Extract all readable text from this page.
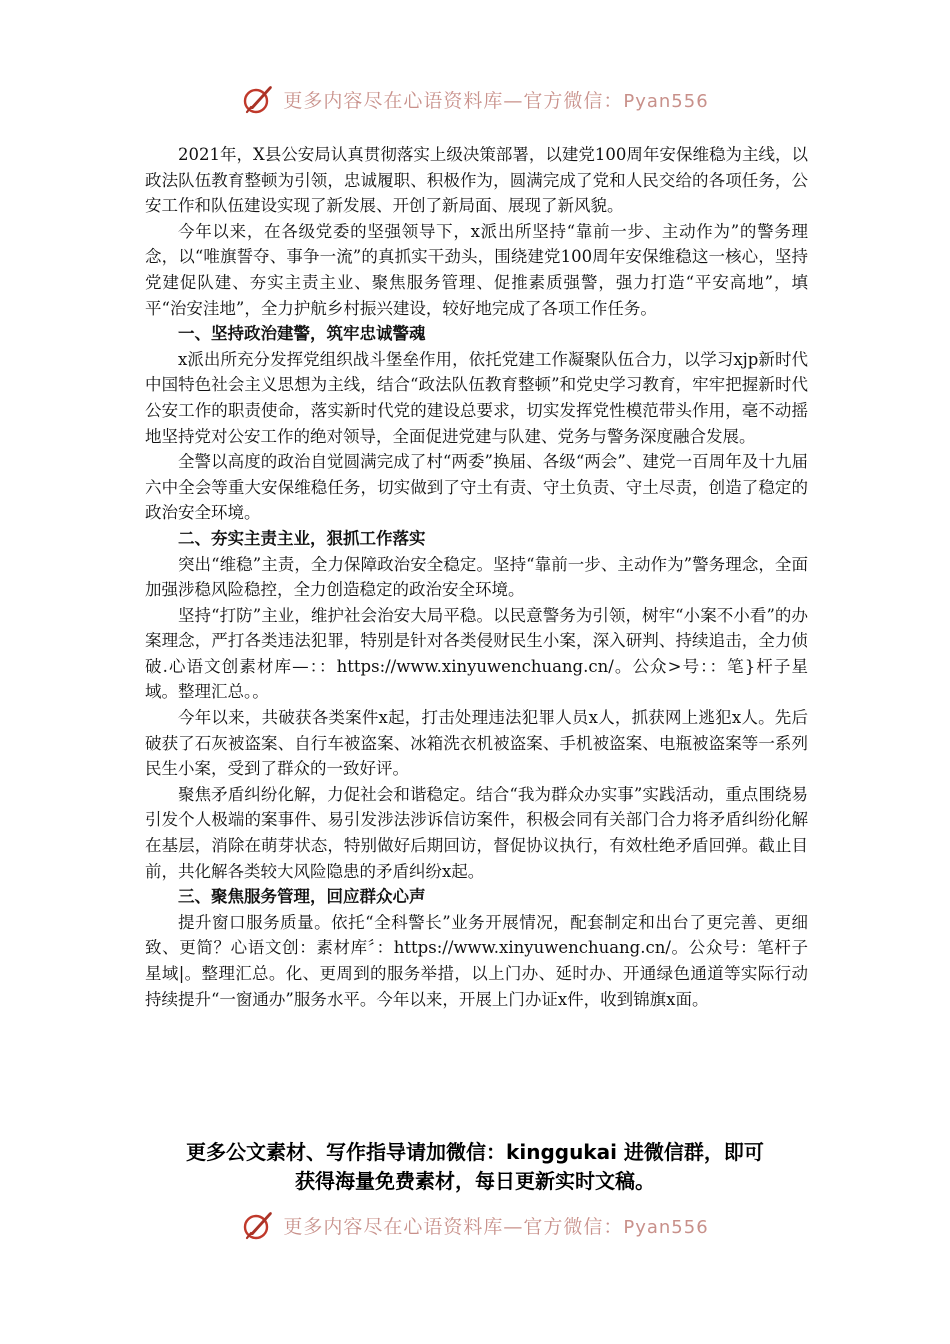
更多内容尽在心语资料库—官方微信：Pyan556

2021年，X县公安局认真贯彻落实上级决策部署，以建党100周年安保维稳为主线，以政法队伍教育整顿为引领，忠诚履职、积极作为，圆满完成了党和人民交给的各项任务，公安工作和队伍建设实现了新发展、开创了新局面、展现了新风貌。

今年以来，在各级党委的坚强领导下，x派出所坚持“靠前一步、主动作为”的警务理念，以“唯旗誓夺、事争一流”的真抓实干劲头，围绕建党100周年安保维稳这一核心，坚持党建促队建、夯实主责主业、聚焦服务管理、促推素质强警，强力打造“平安高地”，填平“治安洼地”，全力护航乡村振兴建设，较好地完成了各项工作任务。

一、坚持政治建警，筑牢忠诚警魂

x派出所充分发挥党组织战斗堡垒作用，依托党建工作凝聚队伍合力，以学习xjp新时代中国特色社会主义思想为主线，结合“政法队伍教育整顿”和党史学习教育，牢牢把握新时代公安工作的职责使命，落实新时代党的建设总要求，切实发挥党性模范带头作用，毫不动摇地坚持党对公安工作的绝对领导，全面促进党建与队建、党务与警务深度融合发展。

全警以高度的政治自觉圆满完成了村“两委”换届、各级“两会”、建党一百周年及十九届六中全会等重大安保维稳任务，切实做到了守土有责、守土负责、守土尽责，创造了稳定的政治安全环境。

二、夯实主责主业，狠抓工作落实

突出“维稳”主责，全力保障政治安全稳定。坚持“靠前一步、主动作为”警务理念，全面加强涉稳风险稳控，全力创造稳定的政治安全环境。

坚持“打防”主业，维护社会治安大局平稳。以民意警务为引领，树牢“小案不小看”的办案理念，严打各类违法犯罪，特别是针对各类侵财民生小案，深入研判、持续追击，全力侦破.心语文创素材库—：：https://www.xinyuwenchuang.cn/。公众>号：：笔}杆子星域。整理汇总。。

今年以来，共破获各类案件x起，打击处理违法犯罪人员x人，抓获网上逃犯x人。先后破获了石灰被盗案、自行车被盗案、冰箱洗衣机被盗案、手机被盗案、电瓶被盗案等一系列民生小案，受到了群众的一致好评。

聚焦矛盾纠纷化解，力促社会和谐稳定。结合“我为群众办实事”实践活动，重点围绕易引发个人极端的案事件、易引发涉法涉诉信访案件，积极会同有关部门合力将矛盾纠纷化解在基层，消除在萌芽状态，特别做好后期回访，督促协议执行，有效杜绝矛盾回弹。截止目前，共化解各类较大风险隐患的矛盾纠纷x起。

三、聚焦服务管理，回应群众心声

提升窗口服务质量。依托“全科警长”业务开展情况，配套制定和出台了更完善、更细致、更简？心语文创：素材库〞：https://www.xinyuwenchuang.cn/。公众号：笔杆子星域|。整理汇总。化、更周到的服务举措，以上门办、延时办、开通绿色通道等实际行动持续提升“一窗通办”服务水平。今年以来，开展上门办证x件，收到锦旗x面。

更多公文素材、写作指导请加微信：kinggukai 进微信群，即可
获得海量免费素材，每日更新实时文稿。
更多内容尽在心语资料库—官方微信：Pyan556
